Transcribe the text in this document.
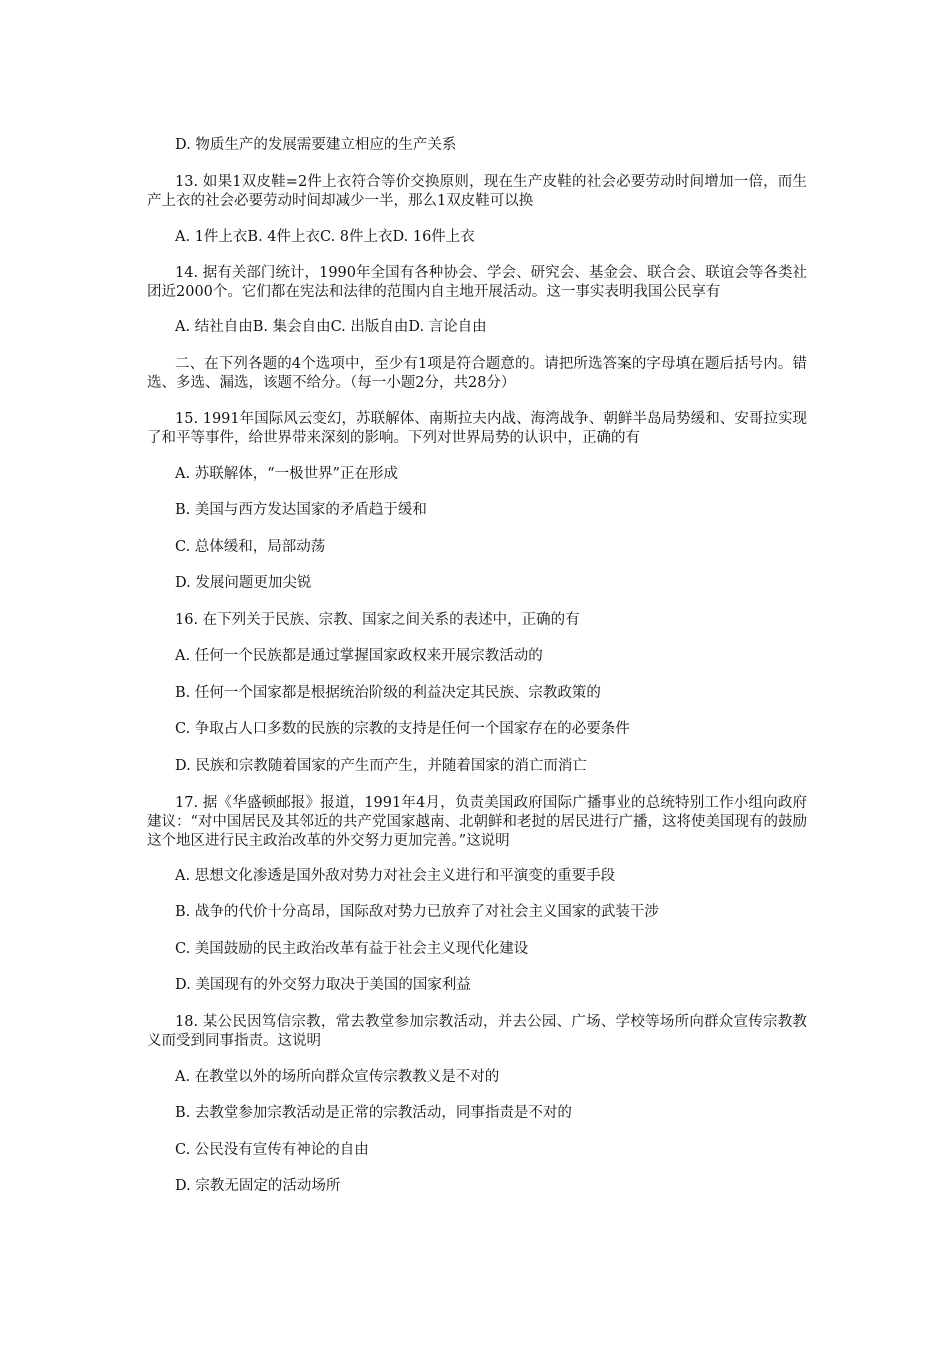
D. 物质生产的发展需要建立相应的生产关系
13. 如果1双皮鞋=2件上衣符合等价交换原则，现在生产皮鞋的社会必要劳动时间增加一倍，而生产上衣的社会必要劳动时间却减少一半，那么1双皮鞋可以换
A. 1件上衣B. 4件上衣C. 8件上衣D. 16件上衣
14. 据有关部门统计，1990年全国有各种协会、学会、研究会、基金会、联合会、联谊会等各类社团近2000个。它们都在宪法和法律的范围内自主地开展活动。这一事实表明我国公民享有
A. 结社自由B. 集会自由C. 出版自由D. 言论自由
二、在下列各题的4个选项中，至少有1项是符合题意的。请把所选答案的字母填在题后括号内。错选、多选、漏选，该题不给分。（每一小题2分，共28分）
15. 1991年国际风云变幻，苏联解体、南斯拉夫内战、海湾战争、朝鲜半岛局势缓和、安哥拉实现了和平等事件，给世界带来深刻的影响。下列对世界局势的认识中，正确的有
A. 苏联解体，“一极世界”正在形成
B. 美国与西方发达国家的矛盾趋于缓和
C. 总体缓和，局部动荡
D. 发展问题更加尖锐
16. 在下列关于民族、宗教、国家之间关系的表述中，正确的有
A. 任何一个民族都是通过掌握国家政权来开展宗教活动的
B. 任何一个国家都是根据统治阶级的利益决定其民族、宗教政策的
C. 争取占人口多数的民族的宗教的支持是任何一个国家存在的必要条件
D. 民族和宗教随着国家的产生而产生，并随着国家的消亡而消亡
17. 据《华盛顿邮报》报道，1991年4月，负责美国政府国际广播事业的总统特别工作小组向政府建议：“对中国居民及其邻近的共产党国家越南、北朝鲜和老挝的居民进行广播，这将使美国现有的鼓励这个地区进行民主政治改革的外交努力更加完善。”这说明
A. 思想文化渗透是国外敌对势力对社会主义进行和平演变的重要手段
B. 战争的代价十分高昂，国际敌对势力已放弃了对社会主义国家的武装干涉
C. 美国鼓励的民主政治改革有益于社会主义现代化建设
D. 美国现有的外交努力取决于美国的国家利益
18. 某公民因笃信宗教，常去教堂参加宗教活动，并去公园、广场、学校等场所向群众宣传宗教教义而受到同事指责。这说明
A. 在教堂以外的场所向群众宣传宗教教义是不对的
B. 去教堂参加宗教活动是正常的宗教活动，同事指责是不对的
C. 公民没有宣传有神论的自由
D. 宗教无固定的活动场所
